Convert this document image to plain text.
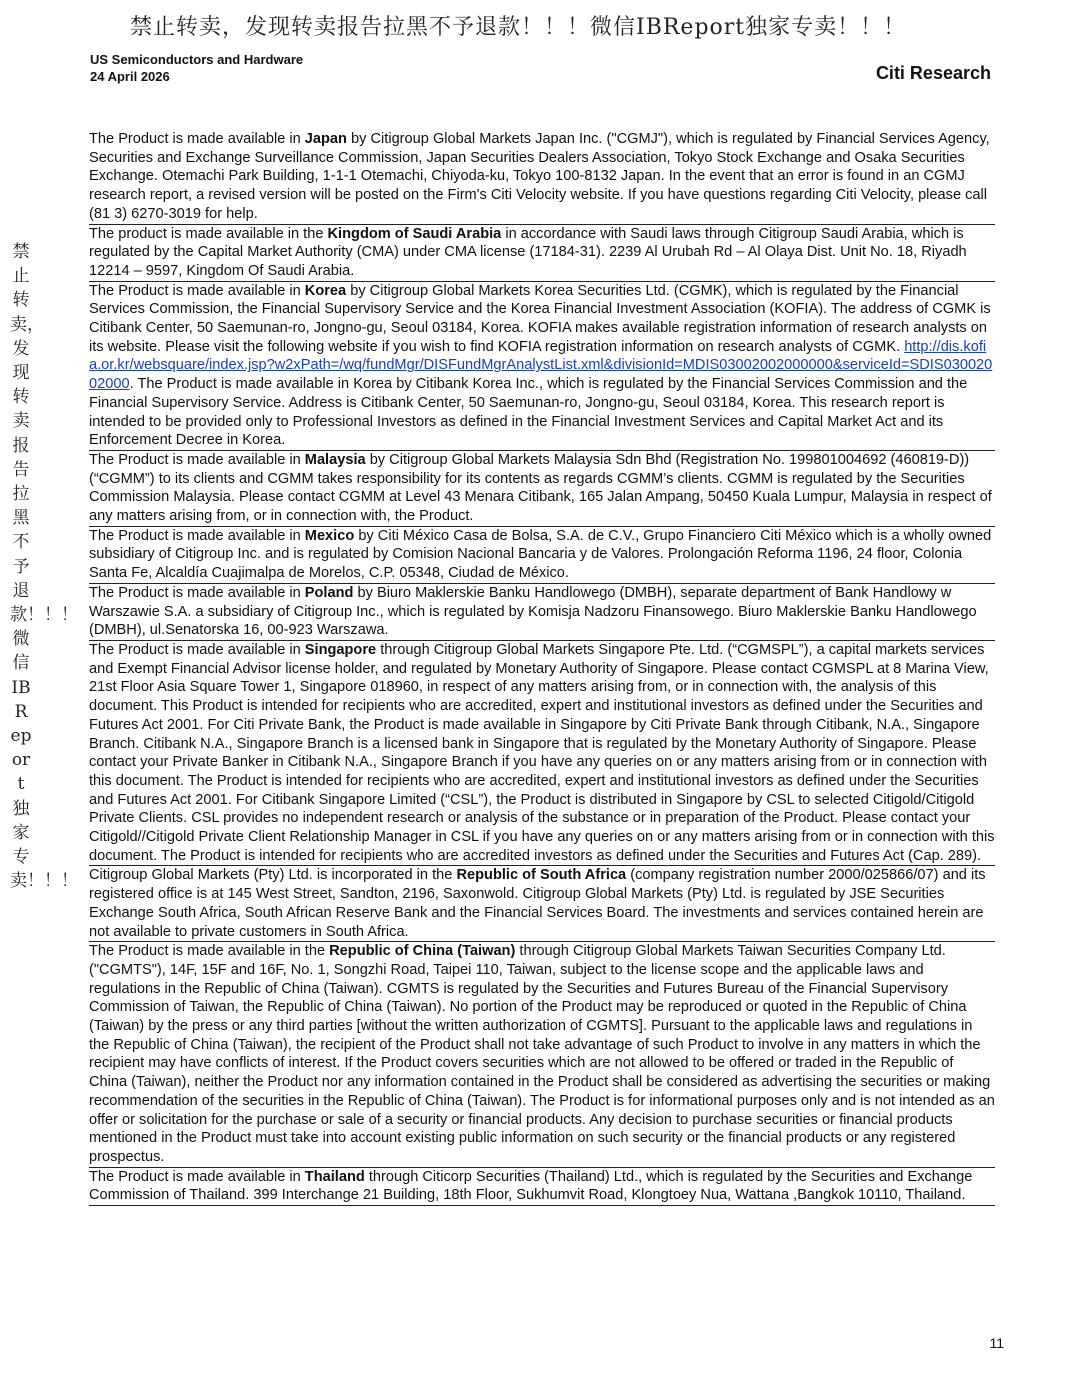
禁止转卖，发现转卖报告拉黑不予退款！！！微信IBReport独家专卖！！！
禁止转卖，发现转卖报告拉黑不予退款！！！微信IBReport独家专卖！！！
US Semiconductors and Hardware
24 April 2026	Citi Research

The Product is made available in Japan by Citigroup Global Markets Japan Inc. ("CGMJ"), which is regulated by Financial Services Agency, Securities and Exchange Surveillance Commission, Japan Securities Dealers Association, Tokyo Stock Exchange and Osaka Securities Exchange. Otemachi Park Building, 1-1-1 Otemachi, Chiyoda-ku, Tokyo 100-8132 Japan. In the event that an error is found in an CGMJ research report, a revised version will be posted on the Firm's Citi Velocity website. If you have questions regarding Citi Velocity, please call (81 3) 6270-3019 for help.

The product is made available in the Kingdom of Saudi Arabia in accordance with Saudi laws through Citigroup Saudi Arabia, which is regulated by the Capital Market Authority (CMA) under CMA license (17184-31). 2239 Al Urubah Rd – Al Olaya Dist. Unit No. 18, Riyadh 12214 – 9597, Kingdom Of Saudi Arabia.

The Product is made available in Korea by Citigroup Global Markets Korea Securities Ltd. (CGMK), which is regulated by the Financial Services Commission, the Financial Supervisory Service and the Korea Financial Investment Association (KOFIA). The address of CGMK is Citibank Center, 50 Saemunan-ro, Jongno-gu, Seoul 03184, Korea. KOFIA makes available registration information of research analysts on its website. Please visit the following website if you wish to find KOFIA registration information on research analysts of CGMK. http://dis.kofia.or.kr/websquare/index.jsp?w2xPath=/wq/fundMgr/DISFundMgrAnalystList.xml&divisionId=MDIS03002002000000&serviceId=SDIS03002002000. The Product is made available in Korea by Citibank Korea Inc., which is regulated by the Financial Services Commission and the Financial Supervisory Service. Address is Citibank Center, 50 Saemunan-ro, Jongno-gu, Seoul 03184, Korea. This research report is intended to be provided only to Professional Investors as defined in the Financial Investment Services and Capital Market Act and its Enforcement Decree in Korea.

The Product is made available in Malaysia by Citigroup Global Markets Malaysia Sdn Bhd (Registration No. 199801004692 (460819-D)) (“CGMM”) to its clients and CGMM takes responsibility for its contents as regards CGMM’s clients. CGMM is regulated by the Securities Commission Malaysia. Please contact CGMM at Level 43 Menara Citibank, 165 Jalan Ampang, 50450 Kuala Lumpur, Malaysia in respect of any matters arising from, or in connection with, the Product.

The Product is made available in Mexico by Citi México Casa de Bolsa, S.A. de C.V., Grupo Financiero Citi México which is a wholly owned subsidiary of Citigroup Inc. and is regulated by Comision Nacional Bancaria y de Valores. Prolongación Reforma 1196, 24 floor, Colonia Santa Fe, Alcaldía Cuajimalpa de Morelos, C.P. 05348, Ciudad de México.

The Product is made available in Poland by Biuro Maklerskie Banku Handlowego (DMBH), separate department of Bank Handlowy w Warszawie S.A. a subsidiary of Citigroup Inc., which is regulated by Komisja Nadzoru Finansowego. Biuro Maklerskie Banku Handlowego (DMBH), ul.Senatorska 16, 00-923 Warszawa.

The Product is made available in Singapore through Citigroup Global Markets Singapore Pte. Ltd. (“CGMSPL”), a capital markets services and Exempt Financial Advisor license holder, and regulated by Monetary Authority of Singapore. Please contact CGMSPL at 8 Marina View, 21st Floor Asia Square Tower 1, Singapore 018960, in respect of any matters arising from, or in connection with, the analysis of this document. This Product is intended for recipients who are accredited, expert and institutional investors as defined under the Securities and Futures Act 2001. For Citi Private Bank, the Product is made available in Singapore by Citi Private Bank through Citibank, N.A., Singapore Branch. Citibank N.A., Singapore Branch is a licensed bank in Singapore that is regulated by the Monetary Authority of Singapore. Please contact your Private Banker in Citibank N.A., Singapore Branch if you have any queries on or any matters arising from or in connection with this document. The Product is intended for recipients who are accredited, expert and institutional investors as defined under the Securities and Futures Act 2001. For Citibank Singapore Limited (“CSL”), the Product is distributed in Singapore by CSL to selected Citigold/Citigold Private Clients. CSL provides no independent research or analysis of the substance or in preparation of the Product. Please contact your Citigold//Citigold Private Client Relationship Manager in CSL if you have any queries on or any matters arising from or in connection with this document. The Product is intended for recipients who are accredited investors as defined under the Securities and Futures Act (Cap. 289).

Citigroup Global Markets (Pty) Ltd. is incorporated in the Republic of South Africa (company registration number 2000/025866/07) and its registered office is at 145 West Street, Sandton, 2196, Saxonwold. Citigroup Global Markets (Pty) Ltd. is regulated by JSE Securities Exchange South Africa, South African Reserve Bank and the Financial Services Board. The investments and services contained herein are not available to private customers in South Africa.

The Product is made available in the Republic of China (Taiwan) through Citigroup Global Markets Taiwan Securities Company Ltd. ("CGMTS"), 14F, 15F and 16F, No. 1, Songzhi Road, Taipei 110, Taiwan, subject to the license scope and the applicable laws and regulations in the Republic of China (Taiwan). CGMTS is regulated by the Securities and Futures Bureau of the Financial Supervisory Commission of Taiwan, the Republic of China (Taiwan). No portion of the Product may be reproduced or quoted in the Republic of China (Taiwan) by the press or any third parties [without the written authorization of CGMTS]. Pursuant to the applicable laws and regulations in the Republic of China (Taiwan), the recipient of the Product shall not take advantage of such Product to involve in any matters in which the recipient may have conflicts of interest. If the Product covers securities which are not allowed to be offered or traded in the Republic of China (Taiwan), neither the Product nor any information contained in the Product shall be considered as advertising the securities or making recommendation of the securities in the Republic of China (Taiwan). The Product is for informational purposes only and is not intended as an offer or solicitation for the purchase or sale of a security or financial products. Any decision to purchase securities or financial products mentioned in the Product must take into account existing public information on such security or the financial products or any registered prospectus.

The Product is made available in Thailand through Citicorp Securities (Thailand) Ltd., which is regulated by the Securities and Exchange Commission of Thailand. 399 Interchange 21 Building, 18th Floor, Sukhumvit Road, Klongtoey Nua, Wattana ,Bangkok 10110, Thailand.

11
